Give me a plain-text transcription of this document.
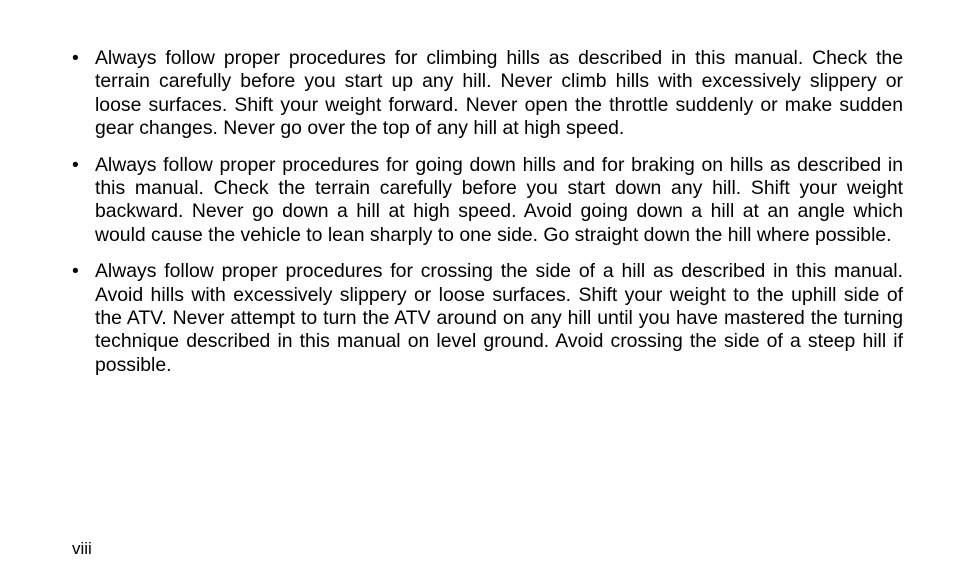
• Always follow proper procedures for climbing hills as described in this manual. Check the terrain carefully before you start up any hill. Never climb hills with excessively slippery or loose surfaces. Shift your weight forward. Never open the throttle suddenly or make sudden gear changes. Never go over the top of any hill at high speed.
• Always follow proper procedures for going down hills and for braking on hills as described in this manual. Check the terrain carefully before you start down any hill. Shift your weight backward. Never go down a hill at high speed. Avoid going down a hill at an angle which would cause the vehicle to lean sharply to one side. Go straight down the hill where possible.
• Always follow proper procedures for crossing the side of a hill as described in this manual. Avoid hills with excessively slippery or loose surfaces. Shift your weight to the uphill side of the ATV. Never attempt to turn the ATV around on any hill until you have mastered the turning technique described in this manual on level ground. Avoid crossing the side of a steep hill if possible.
viii
